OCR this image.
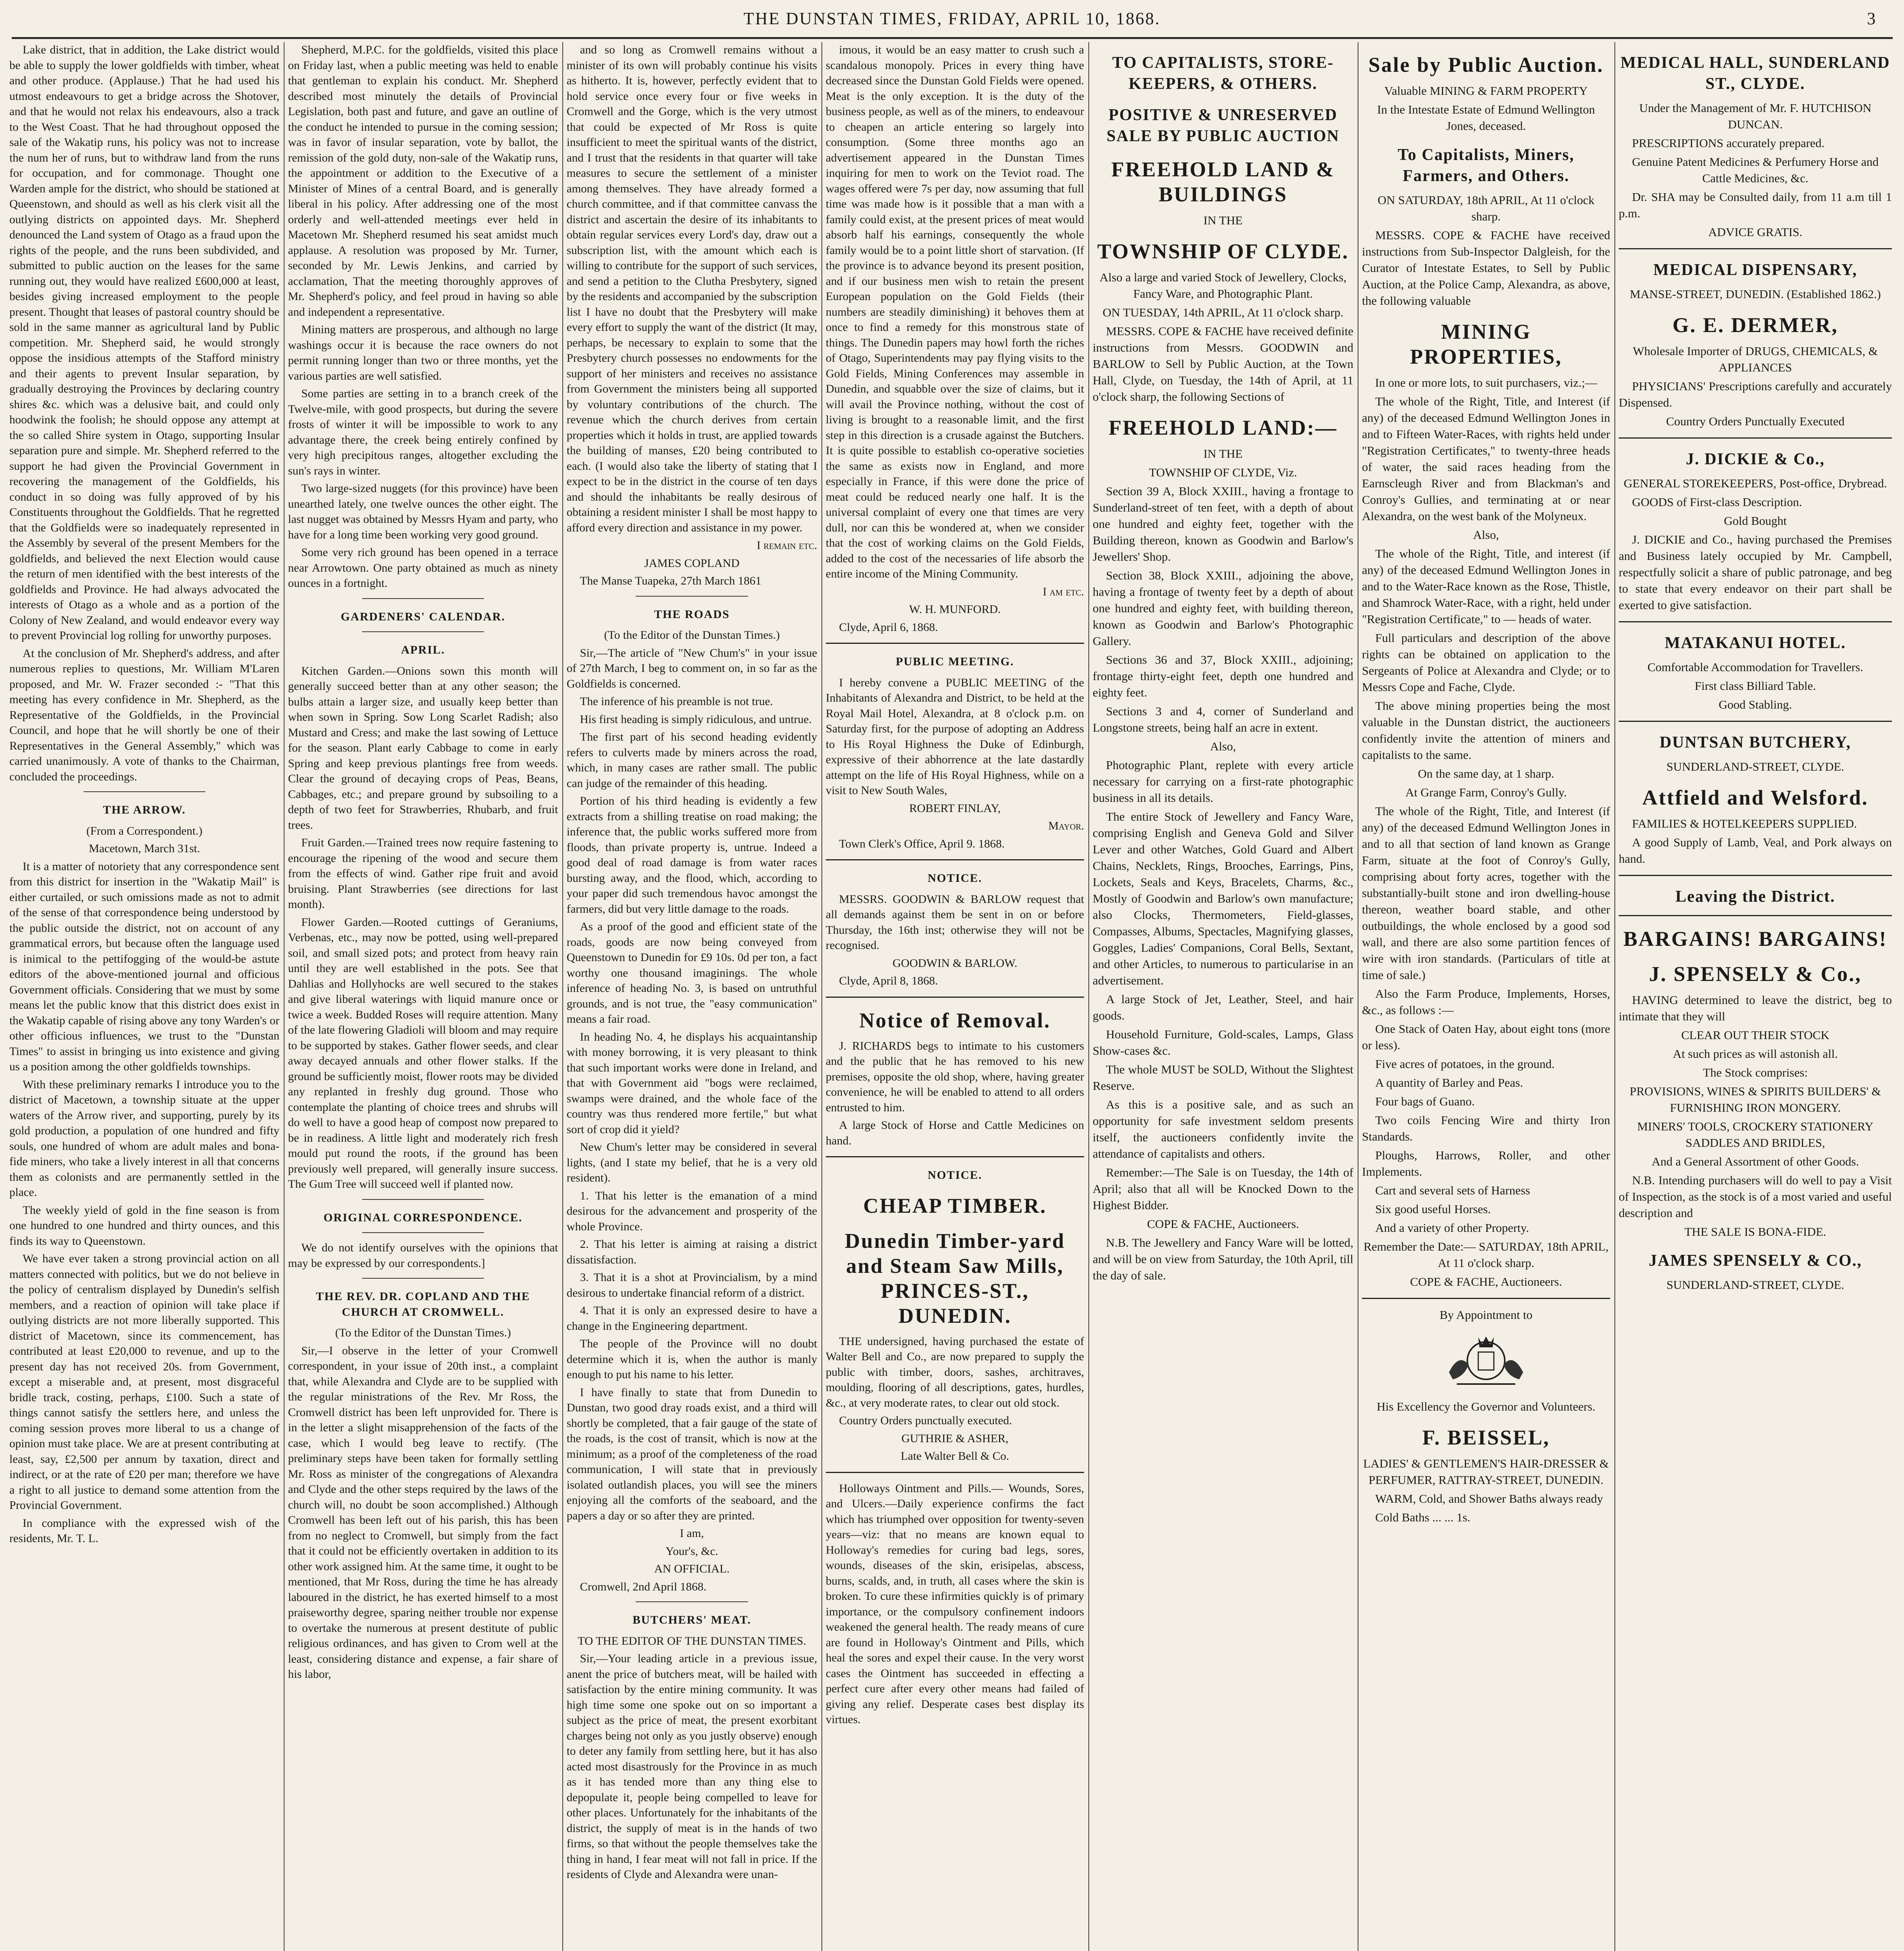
THE DUNSTAN TIMES, FRIDAY, APRIL 10, 1868.	3

Lake district, that in addition, the Lake district would be able to supply the lower goldfields with timber, wheat and other produce. (Applause.) That he had used his utmost endeavours to get a bridge across the Shotover, and that he would not relax his endeavours, also a track to the West Coast. That he had throughout opposed the sale of the Wakatip runs, his policy was not to increase the num her of runs, but to withdraw land from the runs for occupation, and for commonage. Thought one Warden ample for the district, who should be stationed at Queenstown, and should as well as his clerk visit all the outlying districts on appointed days. Mr. Shepherd denounced the Land system of Otago as a fraud upon the rights of the people, and the runs been subdivided, and submitted to public auction on the leases for the same running out, they would have realized £600,000 at least, besides giving increased employment to the people present. Thought that leases of pastoral country should be sold in the same manner as agricultural land by Public competition. Mr. Shepherd said, he would strongly oppose the insidious attempts of the Stafford ministry and their agents to prevent Insular separation, by gradually destroying the Provinces by declaring country shires &c. which was a delusive bait, and could only hoodwink the foolish; he should oppose any attempt at the so called Shire system in Otago, supporting Insular separation pure and simple. Mr. Shepherd referred to the support he had given the Provincial Government in recovering the management of the Goldfields, his conduct in so doing was fully approved of by his Constituents throughout the Goldfields. That he regretted that the Goldfields were so inadequately represented in the Assembly by several of the present Members for the goldfields, and believed the next Election would cause the return of men identified with the best interests of the goldfields and Province. He had always advocated the interests of Otago as a whole and as a portion of the Colony of New Zealand, and would endeavor every way to prevent Provincial log rolling for unworthy purposes.

At the conclusion of Mr. Shepherd's address, and after numerous replies to questions, Mr. William M'Laren proposed, and Mr. W. Frazer seconded :- "That this meeting has every confidence in Mr. Shepherd, as the Representative of the Goldfields, in the Provincial Council, and hope that he will shortly be one of their Representatives in the General Assembly," which was carried unanimously. A vote of thanks to the Chairman, concluded the proceedings.

THE ARROW.

(From a Correspondent.)

Macetown, March 31st.

It is a matter of notoriety that any correspondence sent from this district for insertion in the "Wakatip Mail" is either curtailed, or such omissions made as not to admit of the sense of that correspondence being understood by the public outside the district, not on account of any grammatical errors, but because often the language used is inimical to the pettifogging of the would-be astute editors of the above-mentioned journal and officious Government officials. Considering that we must by some means let the public know that this district does exist in the Wakatip capable of rising above any tony Warden's or other officious influences, we trust to the "Dunstan Times" to assist in bringing us into existence and giving us a position among the other goldfields townships.

With these preliminary remarks I introduce you to the district of Macetown, a township situate at the upper waters of the Arrow river, and supporting, purely by its gold production, a population of one hundred and fifty souls, one hundred of whom are adult males and bona-fide miners, who take a lively interest in all that concerns them as colonists and are permanently settled in the place.

The weekly yield of gold in the fine season is from one hundred to one hundred and thirty ounces, and this finds its way to Queenstown.

We have ever taken a strong provincial action on all matters connected with politics, but we do not believe in the policy of centralism displayed by Dunedin's selfish members, and a reaction of opinion will take place if outlying districts are not more liberally supported. This district of Macetown, since its commencement, has contributed at least £20,000 to revenue, and up to the present day has not received 20s. from Government, except a miserable and, at present, most disgraceful bridle track, costing, perhaps, £100. Such a state of things cannot satisfy the settlers here, and unless the coming session proves more liberal to us a change of opinion must take place. We are at present contributing at least, say, £2,500 per annum by taxation, direct and indirect, or at the rate of £20 per man; therefore we have a right to all justice to demand some attention from the Provincial Government.

In compliance with the expressed wish of the residents, Mr. T. L.

Shepherd, M.P.C. for the goldfields, visited this place on Friday last, when a public meeting was held to enable that gentleman to explain his conduct. Mr. Shepherd described most minutely the details of Provincial Legislation, both past and future, and gave an outline of the conduct he intended to pursue in the coming session; was in favor of insular separation, vote by ballot, the remission of the gold duty, non-sale of the Wakatip runs, the appointment or addition to the Executive of a Minister of Mines of a central Board, and is generally liberal in his policy. After addressing one of the most orderly and well-attended meetings ever held in Macetown Mr. Shepherd resumed his seat amidst much applause. A resolution was proposed by Mr. Turner, seconded by Mr. Lewis Jenkins, and carried by acclamation, That the meeting thoroughly approves of Mr. Shepherd's policy, and feel proud in having so able and independent a representative.

Mining matters are prosperous, and although no large washings occur it is because the race owners do not permit running longer than two or three months, yet the various parties are well satisfied.

Some parties are setting in to a branch creek of the Twelve-mile, with good prospects, but during the severe frosts of winter it will be impossible to work to any advantage there, the creek being entirely confined by very high precipitous ranges, altogether excluding the sun's rays in winter.

Two large-sized nuggets (for this province) have been unearthed lately, one twelve ounces the other eight. The last nugget was obtained by Messrs Hyam and party, who have for a long time been working very good ground.

Some very rich ground has been opened in a terrace near Arrowtown. One party obtained as much as ninety ounces in a fortnight.

GARDENERS' CALENDAR.
APRIL.

Kitchen Garden.—Onions sown this month will generally succeed better than at any other season; the bulbs attain a larger size, and usually keep better than when sown in Spring. Sow Long Scarlet Radish; also Mustard and Cress; and make the last sowing of Lettuce for the season. Plant early Cabbage to come in early Spring and keep previous plantings free from weeds. Clear the ground of decaying crops of Peas, Beans, Cabbages, etc.; and prepare ground by subsoiling to a depth of two feet for Strawberries, Rhubarb, and fruit trees.

Fruit Garden.—Trained trees now require fastening to encourage the ripening of the wood and secure them from the effects of wind. Gather ripe fruit and avoid bruising. Plant Strawberries (see directions for last month).

Flower Garden.—Rooted cuttings of Geraniums, Verbenas, etc., may now be potted, using well-prepared soil, and small sized pots; and protect from heavy rain until they are well established in the pots. See that Dahlias and Hollyhocks are well secured to the stakes and give liberal waterings with liquid manure once or twice a week. Budded Roses will require attention. Many of the late flowering Gladioli will bloom and may require to be supported by stakes. Gather flower seeds, and clear away decayed annuals and other flower stalks. If the ground be sufficiently moist, flower roots may be divided any replanted in freshly dug ground. Those who contemplate the planting of choice trees and shrubs will do well to have a good heap of compost now prepared to be in readiness. A little light and moderately rich fresh mould put round the roots, if the ground has been previously well prepared, will generally insure success. The Gum Tree will succeed well if planted now.

ORIGINAL CORRESPONDENCE.

We do not identify ourselves with the opinions that may be expressed by our correspondents.]

THE REV. DR. COPLAND AND THE CHURCH AT CROMWELL.

(To the Editor of the Dunstan Times.)

Sir,—I observe in the letter of your Cromwell correspondent, in your issue of 20th inst., a complaint that, while Alexandra and Clyde are to be supplied with the regular ministrations of the Rev. Mr Ross, the Cromwell district has been left unprovided for. There is in the letter a slight misapprehension of the facts of the case, which I would beg leave to rectify. (The preliminary steps have been taken for formally settling Mr. Ross as minister of the congregations of Alexandra and Clyde and the other steps required by the laws of the church will, no doubt be soon accomplished.) Although Cromwell has been left out of his parish, this has been from no neglect to Cromwell, but simply from the fact that it could not be efficiently overtaken in addition to its other work assigned him. At the same time, it ought to be mentioned, that Mr Ross, during the time he has already laboured in the district, he has exerted himself to a most praiseworthy degree, sparing neither trouble nor expense to overtake the numerous at present destitute of public religious ordinances, and has given to Crom well at the least, considering distance and expense, a fair share of his labor,

and so long as Cromwell remains without a minister of its own will probably continue his visits as hitherto. It is, however, perfectly evident that to hold service once every four or five weeks in Cromwell and the Gorge, which is the very utmost that could be expected of Mr Ross is quite insufficient to meet the spiritual wants of the district, and I trust that the residents in that quarter will take measures to secure the settlement of a minister among themselves. They have already formed a church committee, and if that committee canvass the district and ascertain the desire of its inhabitants to obtain regular services every Lord's day, draw out a subscription list, with the amount which each is willing to contribute for the support of such services, and send a petition to the Clutha Presbytery, signed by the residents and accompanied by the subscription list I have no doubt that the Presbytery will make every effort to supply the want of the district (It may, perhaps, be necessary to explain to some that the Presbytery church possesses no endowments for the support of her ministers and receives no assistance from Government the ministers being all supported by voluntary contributions of the church. The revenue which the church derives from certain properties which it holds in trust, are applied towards the building of manses, £20 being contributed to each. (I would also take the liberty of stating that I expect to be in the district in the course of ten days and should the inhabitants be really desirous of obtaining a resident minister I shall be most happy to afford every direction and assistance in my power.

I remain etc.

JAMES COPLAND

The Manse Tuapeka, 27th March 1861

THE ROADS

(To the Editor of the Dunstan Times.)

Sir,—The article of "New Chum's" in your issue of 27th March, I beg to comment on, in so far as the Goldfields is concerned.

The inference of his preamble is not true.

His first heading is simply ridiculous, and untrue.

The first part of his second heading evidently refers to culverts made by miners across the road, which, in many cases are rather small. The public can judge of the remainder of this heading.

Portion of his third heading is evidently a few extracts from a shilling treatise on road making; the inference that, the public works suffered more from floods, than private property is, untrue. Indeed a good deal of road damage is from water races bursting away, and the flood, which, according to your paper did such tremendous havoc amongst the farmers, did but very little damage to the roads.

As a proof of the good and efficient state of the roads, goods are now being conveyed from Queenstown to Dunedin for £9 10s. 0d per ton, a fact worthy one thousand imaginings. The whole inference of heading No. 3, is based on untruthful grounds, and is not true, the "easy communication" means a fair road.

In heading No. 4, he displays his acquaintanship with money borrowing, it is very pleasant to think that such important works were done in Ireland, and that with Government aid "bogs were reclaimed, swamps were drained, and the whole face of the country was thus rendered more fertile," but what sort of crop did it yield?

New Chum's letter may be considered in several lights, (and I state my belief, that he is a very old resident).

1. That his letter is the emanation of a mind desirous for the advancement and prosperity of the whole Province.

2. That his letter is aiming at raising a district dissatisfaction.

3. That it is a shot at Provincialism, by a mind desirous to undertake financial reform of a district.

4. That it is only an expressed desire to have a change in the Engineering department.

The people of the Province will no doubt determine which it is, when the author is manly enough to put his name to his letter.

I have finally to state that from Dunedin to Dunstan, two good dray roads exist, and a third will shortly be completed, that a fair gauge of the state of the roads, is the cost of transit, which is now at the minimum; as a proof of the completeness of the road communication, I will state that in previously isolated outlandish places, you will see the miners enjoying all the comforts of the seaboard, and the papers a day or so after they are printed.

I am,

Your's, &c.

AN OFFICIAL.

Cromwell, 2nd April 1868.

BUTCHERS' MEAT.

TO THE EDITOR OF THE DUNSTAN TIMES.

Sir,—Your leading article in a previous issue, anent the price of butchers meat, will be hailed with satisfaction by the entire mining community. It was high time some one spoke out on so important a subject as the price of meat, the present exorbitant charges being not only as you justly observe) enough to deter any family from settling here, but it has also acted most disastrously for the Province in as much as it has tended more than any thing else to depopulate it, people being compelled to leave for other places. Unfortunately for the inhabitants of the district, the supply of meat is in the hands of two firms, so that without the people themselves take the thing in hand, I fear meat will not fall in price. If the residents of Clyde and Alexandra were unan-

imous, it would be an easy matter to crush such a scandalous monopoly. Prices in every thing have decreased since the Dunstan Gold Fields were opened. Meat is the only exception. It is the duty of the business people, as well as of the miners, to endeavour to cheapen an article entering so largely into consumption. (Some three months ago an advertisement appeared in the Dunstan Times inquiring for men to work on the Teviot road. The wages offered were 7s per day, now assuming that full time was made how is it possible that a man with a family could exist, at the present prices of meat would absorb half his earnings, consequently the whole family would be to a point little short of starvation. (If the province is to advance beyond its present position, and if our business men wish to retain the present European population on the Gold Fields (their numbers are steadily diminishing) it behoves them at once to find a remedy for this monstrous state of things. The Dunedin papers may howl forth the riches of Otago, Superintendents may pay flying visits to the Gold Fields, Mining Conferences may assemble in Dunedin, and squabble over the size of claims, but it will avail the Province nothing, without the cost of living is brought to a reasonable limit, and the first step in this direction is a crusade against the Butchers. It is quite possible to establish co-operative societies the same as exists now in England, and more especially in France, if this were done the price of meat could be reduced nearly one half. It is the universal complaint of every one that times are very dull, nor can this be wondered at, when we consider that the cost of working claims on the Gold Fields, added to the cost of the necessaries of life absorb the entire income of the Mining Community.

I am etc.

W. H. MUNFORD.

Clyde, April 6, 1868.

PUBLIC MEETING.

I hereby convene a PUBLIC MEETING of the Inhabitants of Alexandra and District, to be held at the Royal Mail Hotel, Alexandra, at 8 o'clock p.m. on Saturday first, for the purpose of adopting an Address to His Royal Highness the Duke of Edinburgh, expressive of their abhorrence at the late dastardly attempt on the life of His Royal Highness, while on a visit to New South Wales,

ROBERT FINLAY,

Mayor.

Town Clerk's Office, April 9. 1868.

NOTICE.

MESSRS. GOODWIN & BARLOW request that all demands against them be sent in on or before Thursday, the 16th inst; otherwise they will not be recognised.

GOODWIN & BARLOW.

Clyde, April 8, 1868.

Notice of Removal.

J. RICHARDS begs to intimate to his customers and the public that he has removed to his new premises, opposite the old shop, where, having greater convenience, he will be enabled to attend to all orders entrusted to him.

A large Stock of Horse and Cattle Medicines on hand.

NOTICE.
CHEAP TIMBER.
Dunedin Timber-yard and Steam Saw Mills, PRINCES-ST., DUNEDIN.

THE undersigned, having purchased the estate of Walter Bell and Co., are now prepared to supply the public with timber, doors, sashes, architraves, moulding, flooring of all descriptions, gates, hurdles, &c., at very moderate rates, to clear out old stock.

Country Orders punctually executed.

GUTHRIE & ASHER,

Late Walter Bell & Co.

Holloways Ointment and Pills.— Wounds, Sores, and Ulcers.—Daily experience confirms the fact which has triumphed over opposition for twenty-seven years—viz: that no means are known equal to Holloway's remedies for curing bad legs, sores, wounds, diseases of the skin, erisipelas, abscess, burns, scalds, and, in truth, all cases where the skin is broken. To cure these infirmities quickly is of primary importance, or the compulsory confinement indoors weakened the general health. The ready means of cure are found in Holloway's Ointment and Pills, which heal the sores and expel their cause. In the very worst cases the Ointment has succeeded in effecting a perfect cure after every other means had failed of giving any relief. Desperate cases best display its virtues.

TO CAPITALISTS, STORE-KEEPERS, & OTHERS.
POSITIVE & UNRESERVED SALE BY PUBLIC AUCTION
FREEHOLD LAND & BUILDINGS

IN THE

TOWNSHIP OF CLYDE.

Also a large and varied Stock of Jewellery, Clocks, Fancy Ware, and Photographic Plant.

ON TUESDAY, 14th APRIL, At 11 o'clock sharp.

MESSRS. COPE & FACHE have received definite instructions from Messrs. GOODWIN and BARLOW to Sell by Public Auction, at the Town Hall, Clyde, on Tuesday, the 14th of April, at 11 o'clock sharp, the following Sections of

FREEHOLD LAND:—

IN THE

TOWNSHIP OF CLYDE, Viz.

Section 39 A, Block XXIII., having a frontage to Sunderland-street of ten feet, with a depth of about one hundred and eighty feet, together with the Building thereon, known as Goodwin and Barlow's Jewellers' Shop.

Section 38, Block XXIII., adjoining the above, having a frontage of twenty feet by a depth of about one hundred and eighty feet, with building thereon, known as Goodwin and Barlow's Photographic Gallery.

Sections 36 and 37, Block XXIII., adjoining; frontage thirty-eight feet, depth one hundred and eighty feet.

Sections 3 and 4, corner of Sunderland and Longstone streets, being half an acre in extent.

Also,

Photographic Plant, replete with every article necessary for carrying on a first-rate photographic business in all its details.

The entire Stock of Jewellery and Fancy Ware, comprising English and Geneva Gold and Silver Lever and other Watches, Gold Guard and Albert Chains, Necklets, Rings, Brooches, Earrings, Pins, Lockets, Seals and Keys, Bracelets, Charms, &c., Mostly of Goodwin and Barlow's own manufacture; also Clocks, Thermometers, Field-glasses, Compasses, Albums, Spectacles, Magnifying glasses, Goggles, Ladies' Companions, Coral Bells, Sextant, and other Articles, to numerous to particularise in an advertisement.

A large Stock of Jet, Leather, Steel, and hair goods.

Household Furniture, Gold-scales, Lamps, Glass Show-cases &c.

The whole MUST be SOLD, Without the Slightest Reserve.

As this is a positive sale, and as such an opportunity for safe investment seldom presents itself, the auctioneers confidently invite the attendance of capitalists and others.

Remember:—The Sale is on Tuesday, the 14th of April; also that all will be Knocked Down to the Highest Bidder.

COPE & FACHE, Auctioneers.

N.B. The Jewellery and Fancy Ware will be lotted, and will be on view from Saturday, the 10th April, till the day of sale.

Sale by Public Auction.

Valuable MINING & FARM PROPERTY

In the Intestate Estate of Edmund Wellington Jones, deceased.

To Capitalists, Miners, Farmers, and Others.

ON SATURDAY, 18th APRIL, At 11 o'clock sharp.

MESSRS. COPE & FACHE have received instructions from Sub-Inspector Dalgleish, for the Curator of Intestate Estates, to Sell by Public Auction, at the Police Camp, Alexandra, as above, the following valuable

MINING PROPERTIES,

In one or more lots, to suit purchasers, viz.;—

The whole of the Right, Title, and Interest (if any) of the deceased Edmund Wellington Jones in and to Fifteen Water-Races, with rights held under "Registration Certificates," to twenty-three heads of water, the said races heading from the Earnscleugh River and from Blackman's and Conroy's Gullies, and terminating at or near Alexandra, on the west bank of the Molyneux.

Also,

The whole of the Right, Title, and interest (if any) of the deceased Edmund Wellington Jones in and to the Water-Race known as the Rose, Thistle, and Shamrock Water-Race, with a right, held under "Registration Certificate," to — heads of water.

Full particulars and description of the above rights can be obtained on application to the Sergeants of Police at Alexandra and Clyde; or to Messrs Cope and Fache, Clyde.

The above mining properties being the most valuable in the Dunstan district, the auctioneers confidently invite the attention of miners and capitalists to the same.

On the same day, at 1 sharp.

At Grange Farm, Conroy's Gully.

The whole of the Right, Title, and Interest (if any) of the deceased Edmund Wellington Jones in and to all that section of land known as Grange Farm, situate at the foot of Conroy's Gully, comprising about forty acres, together with the substantially-built stone and iron dwelling-house thereon, weather board stable, and other outbuildings, the whole enclosed by a good sod wall, and there are also some partition fences of wire with iron standards. (Particulars of title at time of sale.)

Also the Farm Produce, Implements, Horses, &c., as follows :—

One Stack of Oaten Hay, about eight tons (more or less).

Five acres of potatoes, in the ground.

A quantity of Barley and Peas.

Four bags of Guano.

Two coils Fencing Wire and thirty Iron Standards.

Ploughs, Harrows, Roller, and other Implements.

Cart and several sets of Harness

Six good useful Horses.

And a variety of other Property.

Remember the Date:— SATURDAY, 18th APRIL, At 11 o'clock sharp.

COPE & FACHE, Auctioneers.

By Appointment to

His Excellency the Governor and Volunteers.

F. BEISSEL,

LADIES' & GENTLEMEN'S HAIR-DRESSER & PERFUMER, RATTRAY-STREET, DUNEDIN.

WARM, Cold, and Shower Baths always ready

Cold Baths ... ... 1s.

MEDICAL HALL, SUNDERLAND ST., CLYDE.

Under the Management of Mr. F. HUTCHISON DUNCAN.

PRESCRIPTIONS accurately prepared.

Genuine Patent Medicines & Perfumery Horse and Cattle Medicines, &c.

Dr. SHA may be Consulted daily, from 11 a.m till 1 p.m.

ADVICE GRATIS.

MEDICAL DISPENSARY,

MANSE-STREET, DUNEDIN. (Established 1862.)

G. E. DERMER,

Wholesale Importer of DRUGS, CHEMICALS, & APPLIANCES

PHYSICIANS' Prescriptions carefully and accurately Dispensed.

Country Orders Punctually Executed

J. DICKIE & Co.,

GENERAL STOREKEEPERS, Post-office, Drybread.

GOODS of First-class Description.

Gold Bought

J. DICKIE and Co., having purchased the Premises and Business lately occupied by Mr. Campbell, respectfully solicit a share of public patronage, and beg to state that every endeavor on their part shall be exerted to give satisfaction.

MATAKANUI HOTEL.

Comfortable Accommodation for Travellers.

First class Billiard Table.

Good Stabling.

DUNTSAN BUTCHERY,

SUNDERLAND-STREET, CLYDE.

Attfield and Welsford.

FAMILIES & HOTELKEEPERS SUPPLIED.

A good Supply of Lamb, Veal, and Pork always on hand.

Leaving the District.
BARGAINS! BARGAINS!
J. SPENSELY & Co.,

HAVING determined to leave the district, beg to intimate that they will

CLEAR OUT THEIR STOCK

At such prices as will astonish all.

The Stock comprises:

PROVISIONS, WINES & SPIRITS BUILDERS' & FURNISHING IRON MONGERY.

MINERS' TOOLS, CROCKERY STATIONERY SADDLES AND BRIDLES,

And a General Assortment of other Goods.

N.B. Intending purchasers will do well to pay a Visit of Inspection, as the stock is of a most varied and useful description and

THE SALE IS BONA-FIDE.

JAMES SPENSELY & CO.,

SUNDERLAND-STREET, CLYDE.
